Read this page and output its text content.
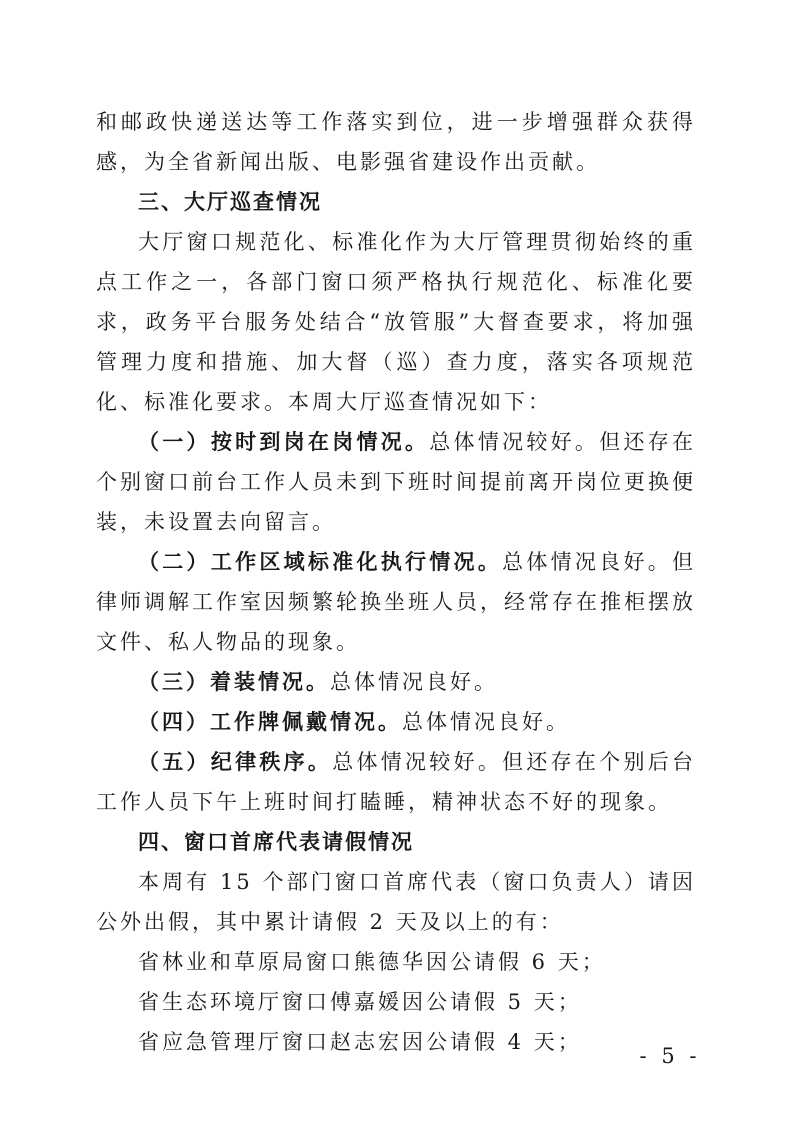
和邮政快递送达等工作落实到位，进一步增强群众获得感，为全省新闻出版、电影强省建设作出贡献。

三、大厅巡查情况

大厅窗口规范化、标准化作为大厅管理贯彻始终的重点工作之一，各部门窗口须严格执行规范化、标准化要求，政务平台服务处结合“放管服”大督查要求，将加强管理力度和措施、加大督（巡）查力度，落实各项规范化、标准化要求。本周大厅巡查情况如下：

（一）按时到岗在岗情况。总体情况较好。但还存在个别窗口前台工作人员未到下班时间提前离开岗位更换便装，未设置去向留言。

（二）工作区域标准化执行情况。总体情况良好。但律师调解工作室因频繁轮换坐班人员，经常存在推柜摆放文件、私人物品的现象。

（三）着装情况。总体情况良好。

（四）工作牌佩戴情况。总体情况良好。

（五）纪律秩序。总体情况较好。但还存在个别后台工作人员下午上班时间打瞌睡，精神状态不好的现象。

四、窗口首席代表请假情况

本周有 15 个部门窗口首席代表（窗口负责人）请因公外出假，其中累计请假 2 天及以上的有：

省林业和草原局窗口熊德华因公请假 6 天；

省生态环境厅窗口傅嘉媛因公请假 5 天；

省应急管理厅窗口赵志宏因公请假 4 天；

- 5 -
